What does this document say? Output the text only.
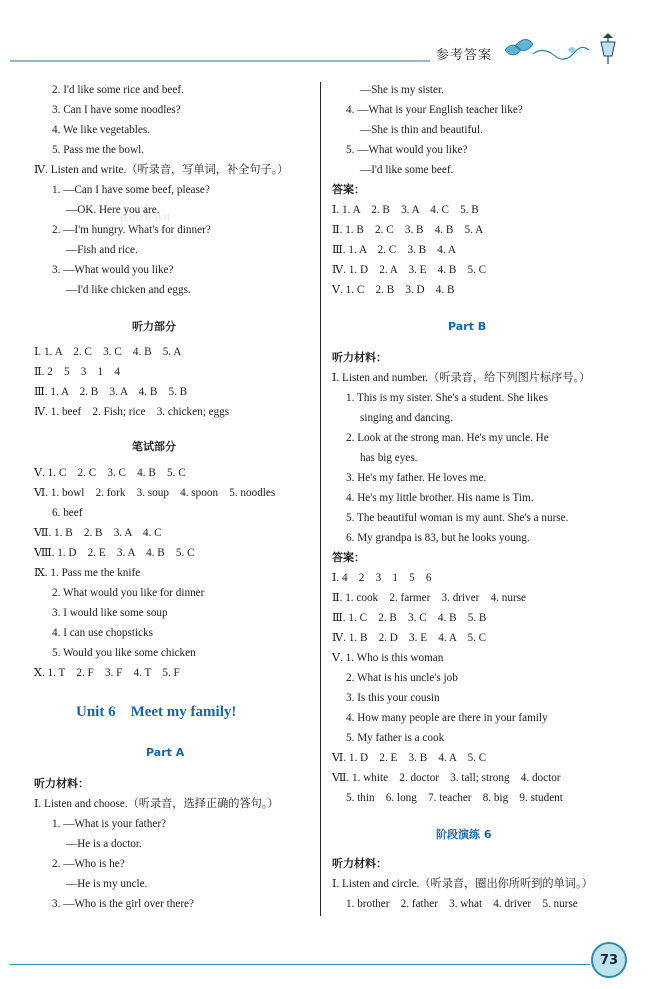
参考答案
听力部分
笔试部分
Unit 6　Meet my family!
Part A
听力材料：
2. I'd like some rice and beef.
3. Can I have some noodles?
4. We like vegetables.
5. Pass me the bowl.
Ⅳ. Listen and write.（听录音，写单词，补全句子。）
1. —Can I have some beef, please?
—OK. Here you are.
2. —I'm hungry. What's for dinner?
—Fish and rice.
3. —What would you like?
—I'd like chicken and eggs.
Ⅰ. 1. A　2. C　3. C　4. B　5. A
Ⅱ. 2　5　3　1　4
Ⅲ. 1. A　2. B　3. A　4. B　5. B
Ⅳ. 1. beef　2. Fish; rice　3. chicken; eggs
Ⅴ. 1. C　2. C　3. C　4. B　5. C
Ⅵ. 1. bowl　2. fork　3. soup　4. spoon　5. noodles
6. beef
Ⅶ. 1. B　2. B　3. A　4. C
Ⅷ. 1. D　2. E　3. A　4. B　5. C
Ⅸ. 1. Pass me the knife
2. What would you like for dinner
3. I would like some soup
4. I can use chopsticks
5. Would you like some chicken
Ⅹ. 1. T　2. F　3. F　4. T　5. F
Ⅰ. Listen and choose.（听录音，选择正确的答句。）
1. —What is your father?
—He is a doctor.
2. —Who is he?
—He is my uncle.
3. —Who is the girl over there?
答案：
Part B
听力材料：
答案：
阶段演练 6
听力材料：
—She is my sister.
4. —What is your English teacher like?
—She is thin and beautiful.
5. —What would you like?
—I'd like some beef.
Ⅰ. 1. A　2. B　3. A　4. C　5. B
Ⅱ. 1. B　2. C　3. B　4. B　5. A
Ⅲ. 1. A　2. C　3. B　4. A
Ⅳ. 1. D　2. A　3. E　4. B　5. C
Ⅴ. 1. C　2. B　3. D　4. B
Ⅰ. Listen and number.（听录音，给下列图片标序号。）
1. This is my sister. She's a student. She likes
singing and dancing.
2. Look at the strong man. He's my uncle. He
has big eyes.
3. He's my father. He loves me.
4. He's my little brother. His name is Tim.
5. The beautiful woman is my aunt. She's a nurse.
6. My grandpa is 83, but he looks young.
Ⅰ. 4　2　3　1　5　6
Ⅱ. 1. cook　2. farmer　3. driver　4. nurse
Ⅲ. 1. C　2. B　3. C　4. B　5. B
Ⅳ. 1. B　2. D　3. E　4. A　5. C
Ⅴ. 1. Who is this woman
2. What is his uncle's job
3. Is this your cousin
4. How many people are there in your family
5. My father is a cook
Ⅵ. 1. D　2. E　3. B　4. A　5. C
Ⅶ. 1. white　2. doctor　3. tall; strong　4. doctor
5. thin　6. long　7. teacher　8. big　9. student
Ⅰ. Listen and circle.（听录音，圈出你所听到的单词。）
1. brother　2. father　3. what　4. driver　5. nurse
扶对快对 扶对
73
